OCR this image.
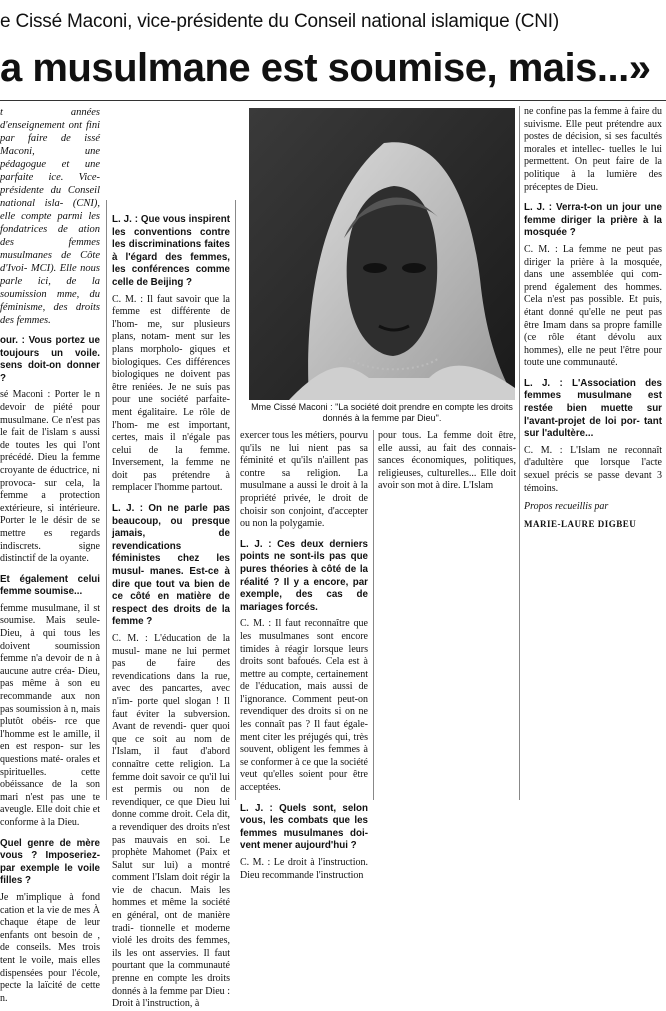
e Cissé Maconi, vice-présidente du Conseil national islamique (CNI)
a musulmane est soumise, mais...»

t années d'enseignement ont fini par faire de issé Maconi, une pédagogue et une parfaite ice. Vice-présidente du Conseil national isla- (CNI), elle compte parmi les fondatrices de ation des femmes musulmanes de Côte d'Ivoi- MCI). Elle nous parle ici, de la soumission mme, du féminisme, des droits des femmes.

our. : Vous portez ue toujours un voile. sens doit-on donner ?

sé Maconi : Porter le n devoir de piété pour musulmane. Ce n'est pas le fait de l'islam s aussi de toutes les qui l'ont précédé. Dieu la femme croyante de éductrice, ni provoca- sur cela, la femme a protection extérieure, si intérieure. Porter le le désir de se mettre es regards indiscrets. signe distinctif de la oyante.

Et également celui femme soumise...

femme musulmane, il st soumise. Mais seule- Dieu, à qui tous les doivent soumission femme n'a devoir de n à aucune autre créa- Dieu, pas même à son eu recommande aux non pas soumission à n, mais plutôt obéis- rce que l'homme est le amille, il en est respon- sur les questions maté- orales et spirituelles. cette obéissance de la son mari n'est pas une te aveugle. Elle doit chie et conforme à la Dieu.

Quel genre de mère vous ? Imposeriez- par exemple le voile filles ?

Je m'implique à fond cation et la vie de mes À chaque étape de leur enfants ont besoin de , de conseils. Mes trois tent le voile, mais elles dispensées pour l'école, pecte la laïcité de cette n.

L. J. : Que vous inspirent les conventions contre les discriminations faites à l'égard des femmes, les conférences comme celle de Beijing ?

C. M. : Il faut savoir que la femme est différente de l'hom- me, sur plusieurs plans, notam- ment sur les plans morpholo- giques et biologiques. Ces différences biologiques ne doivent pas être reniées. Je ne suis pas pour une société parfaite- ment égalitaire. Le rôle de l'hom- me est important, certes, mais il n'égale pas celui de la femme. Inversement, la femme ne doit pas prétendre à remplacer l'homme partout.

L. J. : On ne parle pas beaucoup, ou presque jamais, de revendications féministes chez les musul- manes. Est-ce à dire que tout va bien de ce côté en matière de respect des droits de la femme ?

C. M. : L'éducation de la musul- mane ne lui permet pas de faire des revendications dans la rue, avec des pancartes, avec n'im- porte quel slogan ! Il faut éviter la subversion. Avant de revendi- quer quoi que ce soit au nom de l'Islam, il faut d'abord connaître cette religion. La femme doit savoir ce qu'il lui est permis ou non de revendiquer, ce que Dieu lui donne comme droit. Cela dit, a revendiquer des droits n'est pas mauvais en soi. Le prophète Mahomet (Paix et Salut sur lui) a montré comment l'Islam doit régir la vie de chacun. Mais les hommes et même la société en général, ont de manière tradi- tionnelle et moderne violé les droits des femmes, ils les ont asservies. Il faut pourtant que la communauté prenne en compte les droits donnés à la femme par Dieu : Droit à l'instruction, à

Mme Cissé Maconi : "La société doit prendre en compte les droits donnés à la femme par Dieu".

exercer tous les métiers, pourvu qu'ils ne lui nient pas sa féminité et qu'ils n'aillent pas contre sa religion. La musulmane a aussi le droit à la propriété privée, le droit de choisir son conjoint, d'accepter ou non la polygamie.

L. J. : Ces deux derniers points ne sont-ils pas que pures théories à côté de la réalité ? Il y a encore, par exemple, des cas de mariages forcés.

C. M. : Il faut reconnaître que les musulmanes sont encore timides à réagir lorsque leurs droits sont bafoués. Cela est à mettre au compte, certainement de l'éducation, mais aussi de l'ignorance. Comment peut-on revendiquer des droits si on ne les connaît pas ? Il faut égale- ment citer les préjugés qui, très souvent, obligent les femmes à se conformer à ce que la société veut qu'elles soient pour être acceptées.

L. J. : Quels sont, selon vous, les combats que les femmes musulmanes doi- vent mener aujourd'hui ?

C. M. : Le droit à l'instruction. Dieu recommande l'instruction

pour tous. La femme doit être, elle aussi, au fait des connais- sances économiques, politiques, religieuses, culturelles... Elle doit avoir son mot à dire. L'Islam

ne confine pas la femme à faire du suivisme. Elle peut prétendre aux postes de décision, si ses facultés morales et intellec- tuelles le lui permettent. On peut faire de la politique à la lumière des préceptes de Dieu.

L. J. : Verra-t-on un jour une femme diriger la prière à la mosquée ?

C. M. : La femme ne peut pas diriger la prière à la mosquée, dans une assemblée qui com- prend également des hommes. Cela n'est pas possible. Et puis, étant donné qu'elle ne peut pas être Imam dans sa propre famille (ce rôle étant dévolu aux hommes), elle ne peut l'être pour toute une communauté.

L. J. : L'Association des femmes musulmane est restée bien muette sur l'avant-projet de loi por- tant sur l'adultère...

C. M. : L'Islam ne reconnaît d'adultère que lorsque l'acte sexuel précis se passe devant 3 témoins.

Propos recueillis par

MARIE-LAURE DIGBEU
